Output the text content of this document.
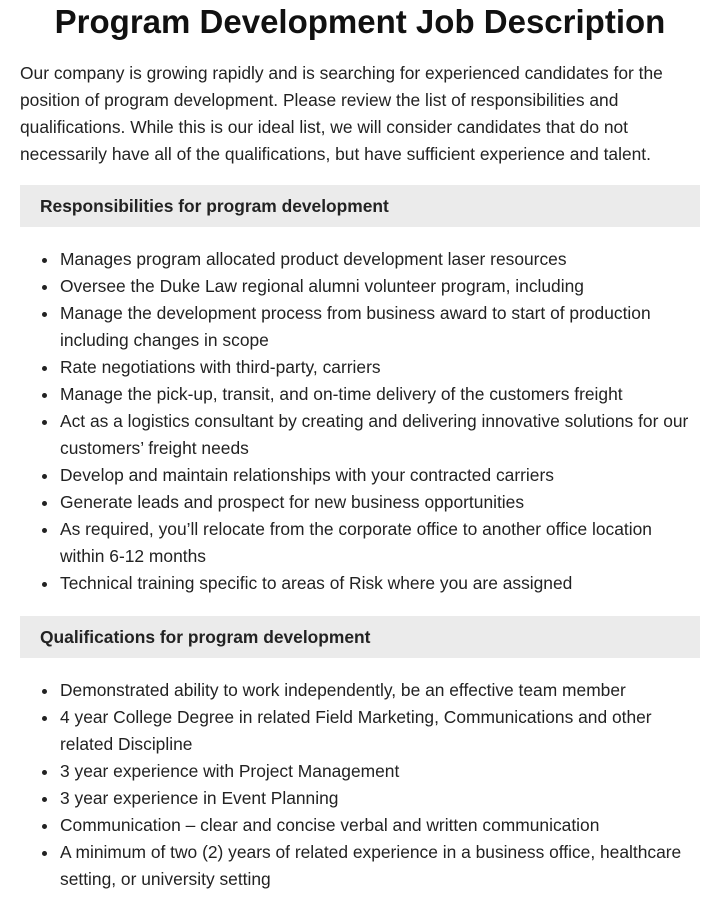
Program Development Job Description

Our company is growing rapidly and is searching for experienced candidates for the position of program development. Please review the list of responsibilities and qualifications. While this is our ideal list, we will consider candidates that do not necessarily have all of the qualifications, but have sufficient experience and talent.

Responsibilities for program development
Manages program allocated product development laser resources
Oversee the Duke Law regional alumni volunteer program, including
Manage the development process from business award to start of production including changes in scope
Rate negotiations with third-party, carriers
Manage the pick-up, transit, and on-time delivery of the customers freight
Act as a logistics consultant by creating and delivering innovative solutions for our customers’ freight needs
Develop and maintain relationships with your contracted carriers
Generate leads and prospect for new business opportunities
As required, you’ll relocate from the corporate office to another office location within 6-12 months
Technical training specific to areas of Risk where you are assigned
Qualifications for program development
Demonstrated ability to work independently, be an effective team member
4 year College Degree in related Field Marketing, Communications and other related Discipline
3 year experience with Project Management
3 year experience in Event Planning
Communication – clear and concise verbal and written communication
A minimum of two (2) years of related experience in a business office, healthcare setting, or university setting
